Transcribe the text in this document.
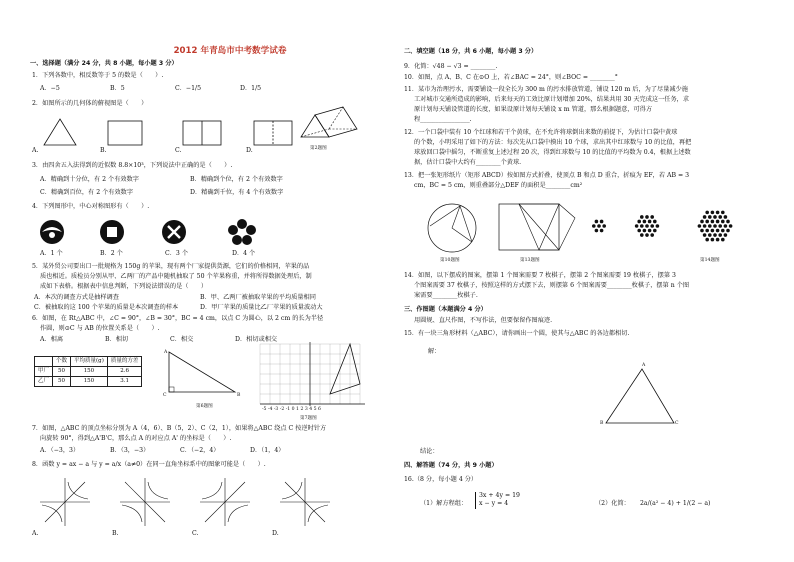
2012 年青岛市中考数学试卷
一、选择题（满分 24 分，共 8 小题，每小题 3 分）
1．下列各数中，相反数等于 5 的数是（　　）.
A．−5	B．5	C．−1/5	D．1/5
2．如图所示的几何体的俯视图是（　　）
A.	B.	C.	D.	第2题图
3．由四舍五入法得到的近似数 8.8×10³，下列说法中正确的是（　　）.
A．精确到十分位，有 2 个有效数字	B．精确到个位，有 2 个有效数字
C．精确到百位，有 2 个有效数字	D．精确到千位，有 4 个有效数字
4．下列图形中，中心对称图形有（　　）.
A．1 个	B．2 个	C．3 个	D．4 个
5．某外贸公司要出口一批规格为 150g 的苹果，现有两个厂家提供货源，它们的价格相同，苹果的品
质也相近。质检员分别从甲、乙两厂的产品中随机抽取了 50 个苹果称重，并将所得数据处理后，制
成如下表格。根据表中信息判断，下列说法错误的是（　　）
A．本次的调查方式是抽样调查	B．甲、乙两厂被抽取苹果的平均质量相同
C．被抽取的这 100 个苹果的质量是本次调查的样本	D．甲厂苹果的质量比乙厂苹果的质量波动大
6．如图，在 Rt△ABC 中，∠C = 90°，∠B = 30°，BC = 4 cm，以点 C 为圆心，以 2 cm 的长为半径
作圆，则⊙C 与 AB 的位置关系是（　　）.
A．相离	B．相切	C．相交	D．相切或相交
	个数	平均质量(g)	质量的方差
甲厂	50	150	2.6
乙厂	50	150	3.1
A
C	B
第6题图
-5 -4 -3 -2 -1 0 1 2 3 4 5 6
第7题图
7．如图，△ABC 的顶点坐标分别为 A（4，6）、B（5，2）、C（2，1），如果将△ABC 绕点 C 按逆时针方
向旋转 90°，得到△A'B'C，那么点 A 的对应点 A' 的坐标是（　　）.
A．（−3，3）	B．（3，−3）	C．（−2，4）	D．（1，4）
8．函数 y = ax − a 与 y = a/x（a≠0）在同一直角坐标系中的图象可能是（　　）.
A.	B.	C.	D.
二、填空题（18 分，共 6 小题，每小题 3 分）
9．化简：√48 − √3 = ________.
10．如图，点 A、B、C 在⊙O 上，若∠BAC = 24°，则∠BOC = ________°
11．某市为治理污水，需要铺设一段全长为 300 m 的污水排放管道，铺设 120 m 后，为了尽量减少施
工对城市交通所造成的影响，后来每天的工效比原计划增加 20%，结果共用 30 天完成这一任务，求
原计划每天铺设管道的长度，如果设原计划每天铺设 x m 管道，那么根据题意，可得方
程________________.
12．一个口袋中装有 10 个红球和若干个黄球，在不允许将球倒出来数的前提下，为估计口袋中黄球
的个数，小明采用了如下的方法：每次先从口袋中摸出 10 个球，求出其中红球数与 10 的比值，再把
球放回口袋中摇匀，不断重复上述过程 20 次，得到红球数与 10 的比值的平均数为 0.4，根据上述数
据，估计口袋中大约有________个黄球.
13．把一张矩形纸片（矩形 ABCD）按如图方式折叠，使顶点 B 和点 D 重合，折痕为 EF，若 AB = 3
cm，BC = 5 cm，则重叠部分△DEF 的面积是________cm²
第10题图	第13题图	第14题图
14．如图，以下摆成的图案，摆第 1 个图案需要 7 枚棋子，摆第 2 个图案需要 19 枚棋子，摆第 3
个图案需要 37 枚棋子，按照这样的方式摆下去，则摆第 6 个图案需要________枚棋子，摆第 n 个图
案需要________枚棋子.
三、作图题（本题满分 4 分）
用圆规、直尺作图，不写作法，但要保留作图痕迹.
15．有一块三角形材料（△ABC），请你画出一个圆，使其与△ABC 的各边都相切.
解：
A
B	C
结论：
四、解答题（74 分，共 9 小题）
16.（8 分，每小题 4 分）
（1）解方程组：
3x + 4y = 19
x − y = 4	（2）化简： 2a/(a² − 4) + 1/(2 − a)
